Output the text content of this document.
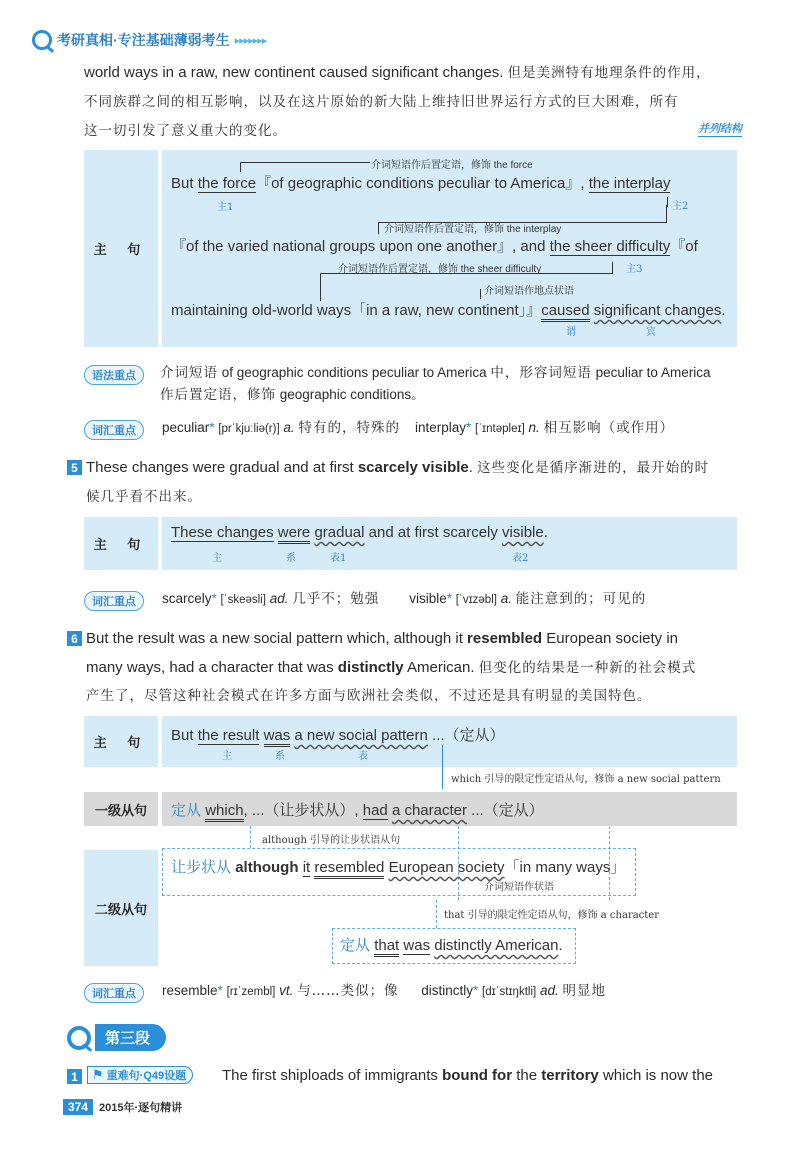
考研真相·专注基础薄弱考生 ▸▸▸▸▸▸▸
world ways in a raw, new continent caused significant changes. 但是美洲特有地理条件的作用，
不同族群之间的相互影响，以及在这片原始的新大陆上维持旧世界运行方式的巨大困难，所有
这一切引发了意义重大的变化。	并列结构
主 句
介词短语作后置定语，修饰 the force
But the force『of geographic conditions peculiar to America』, the interplay
主1	主2
介词短语作后置定语，修饰 the interplay
『of the varied national groups upon one another』, and the sheer difficulty『of
介词短语作后置定语，修饰 the sheer difficulty	主3
介词短语作地点状语
maintaining old-world ways「in a raw, new continent」』caused significant changes.
谓	宾
语法重点	介词短语 of geographic conditions peculiar to America 中，形容词短语 peculiar to America
作后置定语，修饰 geographic conditions。
词汇重点	peculiar* [prˈkjuːliə(r)] a. 特有的，特殊的 interplay* [ˈɪntəpleɪ] n. 相互影响（或作用）
5 These changes were gradual and at first scarcely visible. 这些变化是循序渐进的，最开始的时
候几乎看不出来。
主 句
These changes were gradual and at first scarcely visible.
主	系	表1	表2
词汇重点	scarcely* [ˈskeəsli] ad. 几乎不；勉强 visible* [ˈvɪzəbl] a. 能注意到的；可见的
6 But the result was a new social pattern which, although it resembled European society in
many ways, had a character that was distinctly American. 但变化的结果是一种新的社会模式
产生了，尽管这种社会模式在许多方面与欧洲社会类似，不过还是具有明显的美国特色。
主 句	But the result was a new social pattern ...（定从）
主	系	表
which 引导的限定性定语从句，修饰 a new social pattern
一级从句	定从 which, ...（让步状从）, had a character ...（定从）
although 引导的让步状语从句
二级从句
让步状从 although it resembled European society「in many ways」
介词短语作状语
that 引导的限定性定语从句，修饰 a character
定从 that was distinctly American.
词汇重点	resemble* [rɪˈzembl] vt. 与……类似；像 distinctly* [dɪˈstɪŋktli] ad. 明显地
第三段
1	⚑ 重难句·Q49设题 The first shiploads of immigrants bound for the territory which is now the
374	2015年·逐句精讲
